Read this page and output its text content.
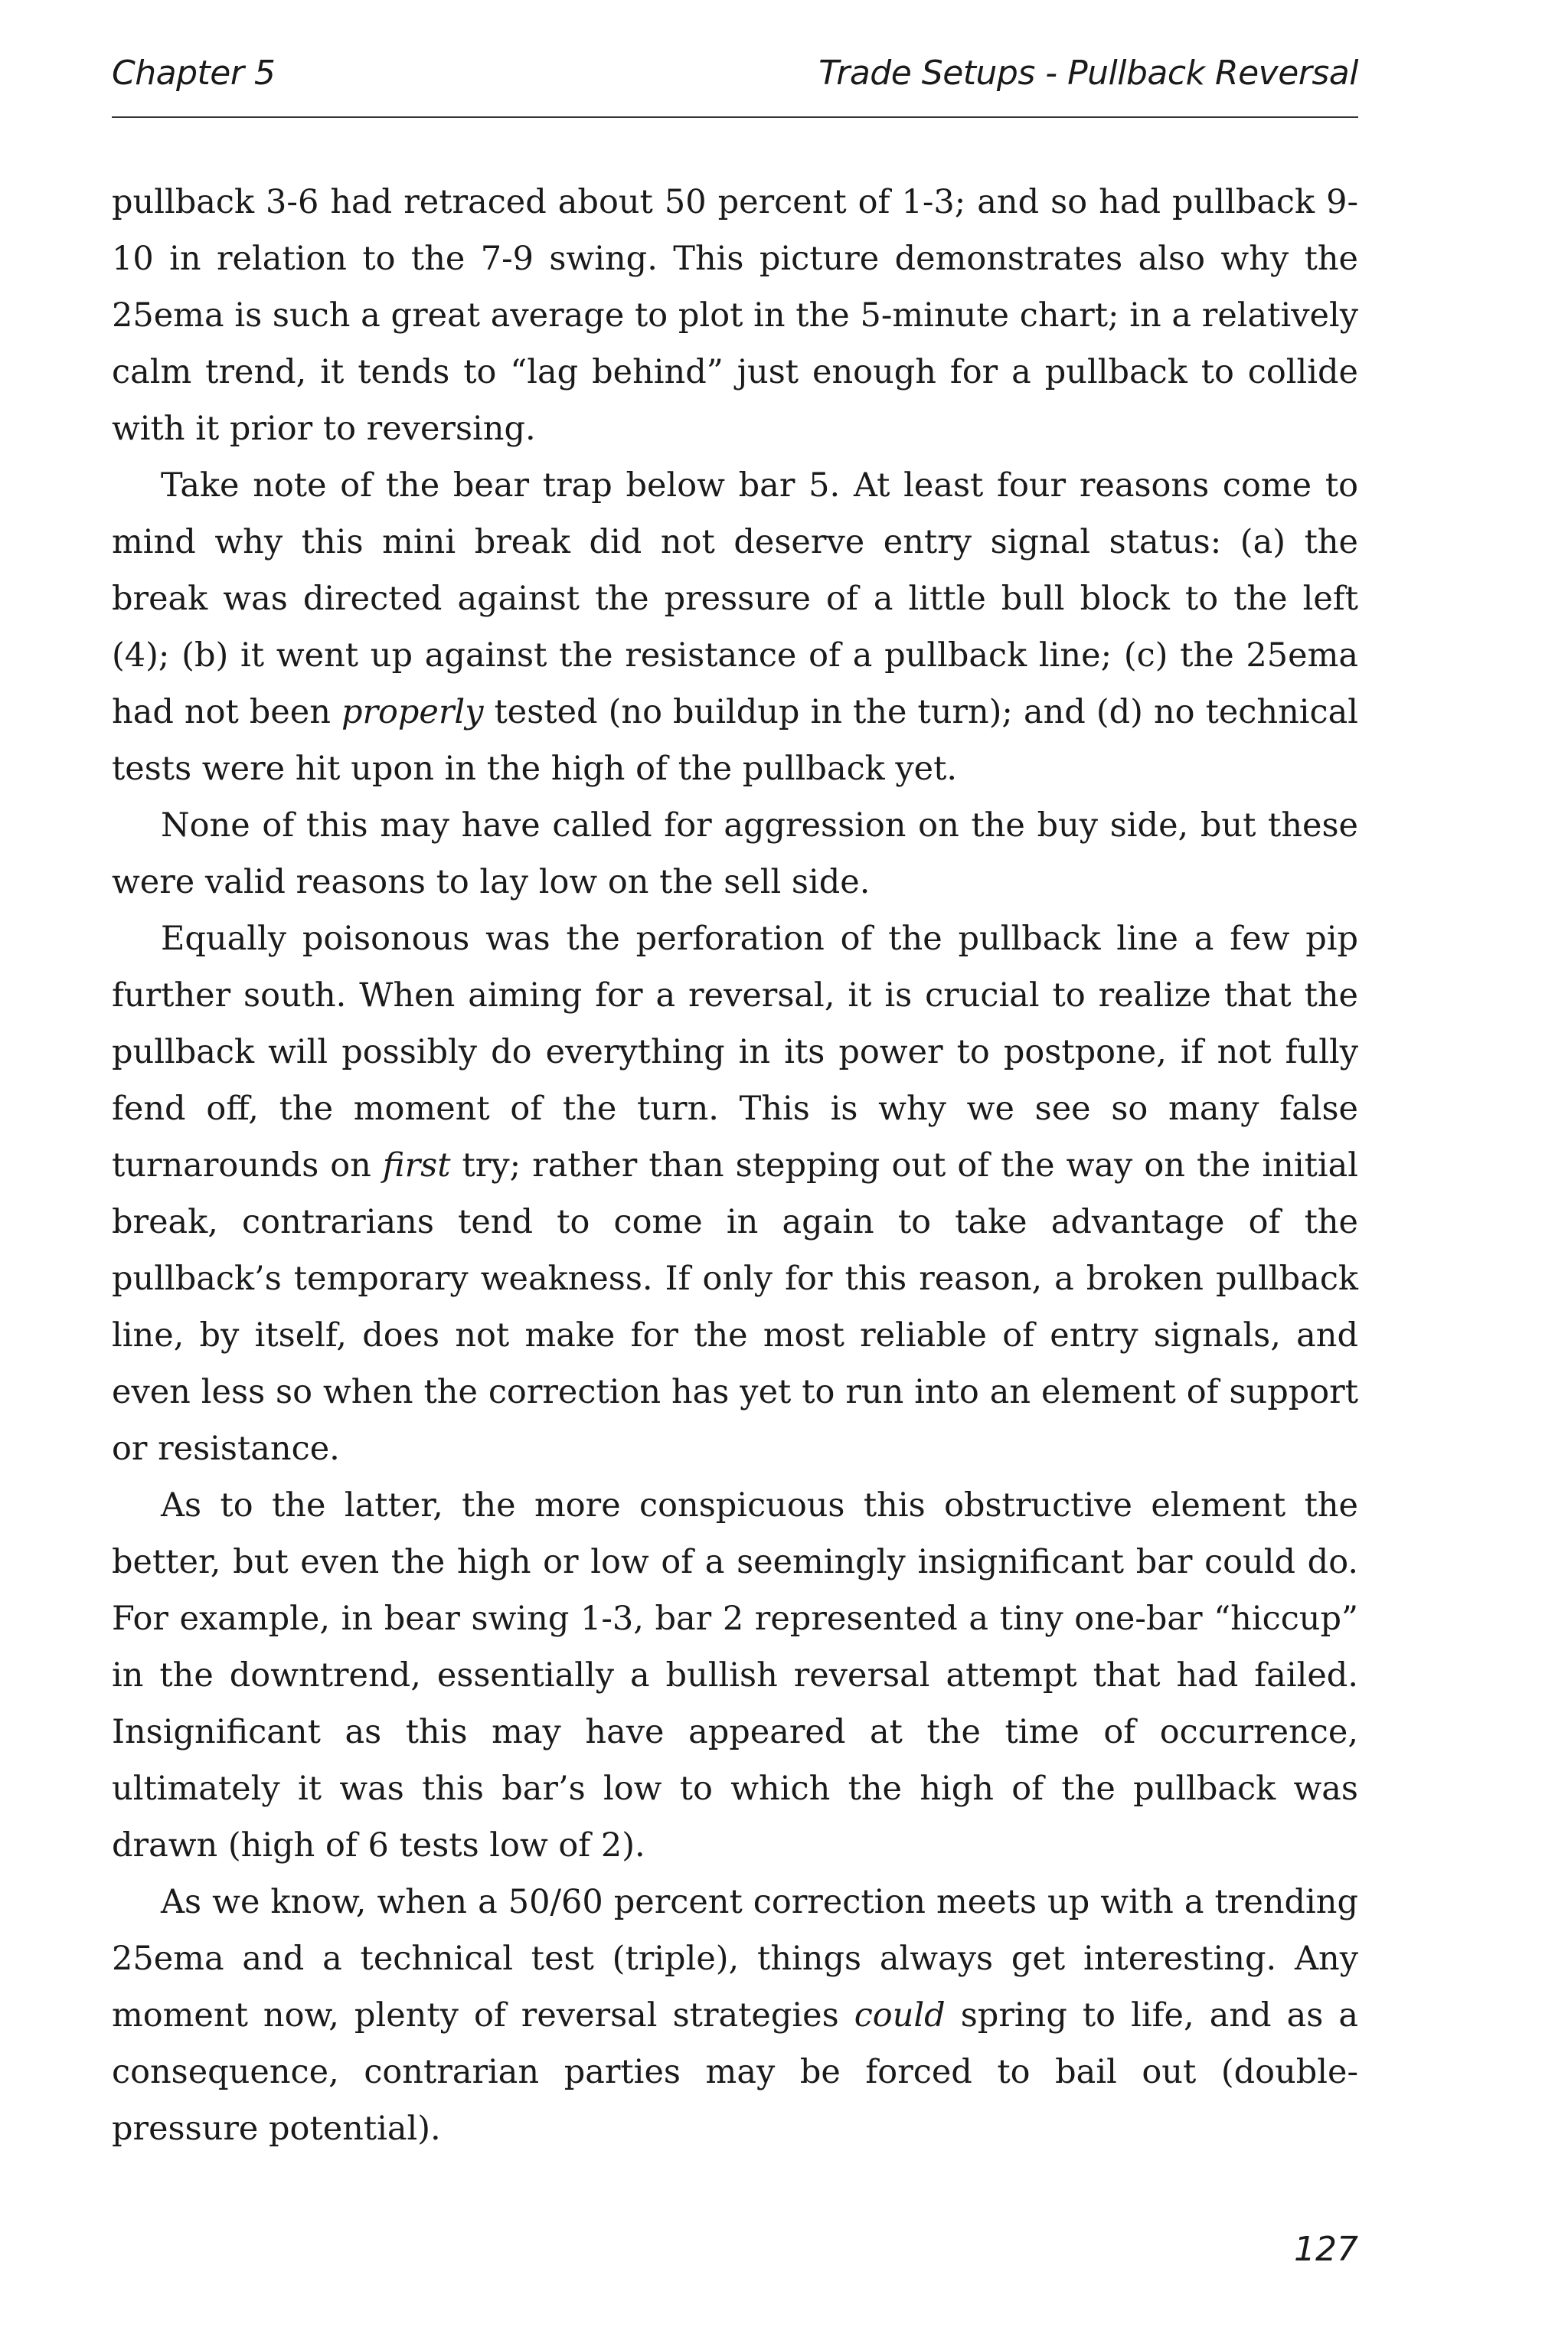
Chapter 5	Trade Setups - Pullback Reversal

pullback 3-6 had retraced about 50 percent of 1-3; and so had pullback 9-10 in relation to the 7-9 swing. This picture demonstrates also why the 25ema is such a great average to plot in the 5-minute chart; in a relatively calm trend, it tends to “lag behind” just enough for a pullback to collide with it prior to reversing.

Take note of the bear trap below bar 5. At least four reasons come to mind why this mini break did not deserve entry signal status: (a) the break was directed against the pressure of a little bull block to the left (4); (b) it went up against the resistance of a pullback line; (c) the 25ema had not been properly tested (no buildup in the turn); and (d) no technical tests were hit upon in the high of the pullback yet.

None of this may have called for aggression on the buy side, but these were valid reasons to lay low on the sell side.

Equally poisonous was the perforation of the pullback line a few pip further south. When aiming for a reversal, it is crucial to realize that the pullback will possibly do everything in its power to postpone, if not fully fend off, the moment of the turn. This is why we see so many false turnarounds on first try; rather than stepping out of the way on the initial break, contrarians tend to come in again to take advantage of the pullback’s temporary weakness. If only for this reason, a broken pullback line, by itself, does not make for the most reliable of entry signals, and even less so when the correction has yet to run into an element of support or resistance.

As to the latter, the more conspicuous this obstructive element the better, but even the high or low of a seemingly insignificant bar could do. For example, in bear swing 1-3, bar 2 represented a tiny one-bar “hiccup” in the downtrend, essentially a bullish reversal attempt that had failed. Insignificant as this may have appeared at the time of occurrence, ultimately it was this bar’s low to which the high of the pullback was drawn (high of 6 tests low of 2).

As we know, when a 50/60 percent correction meets up with a trending 25ema and a technical test (triple), things always get interesting. Any moment now, plenty of reversal strategies could spring to life, and as a consequence, contrarian parties may be forced to bail out (double-pressure potential).

127
